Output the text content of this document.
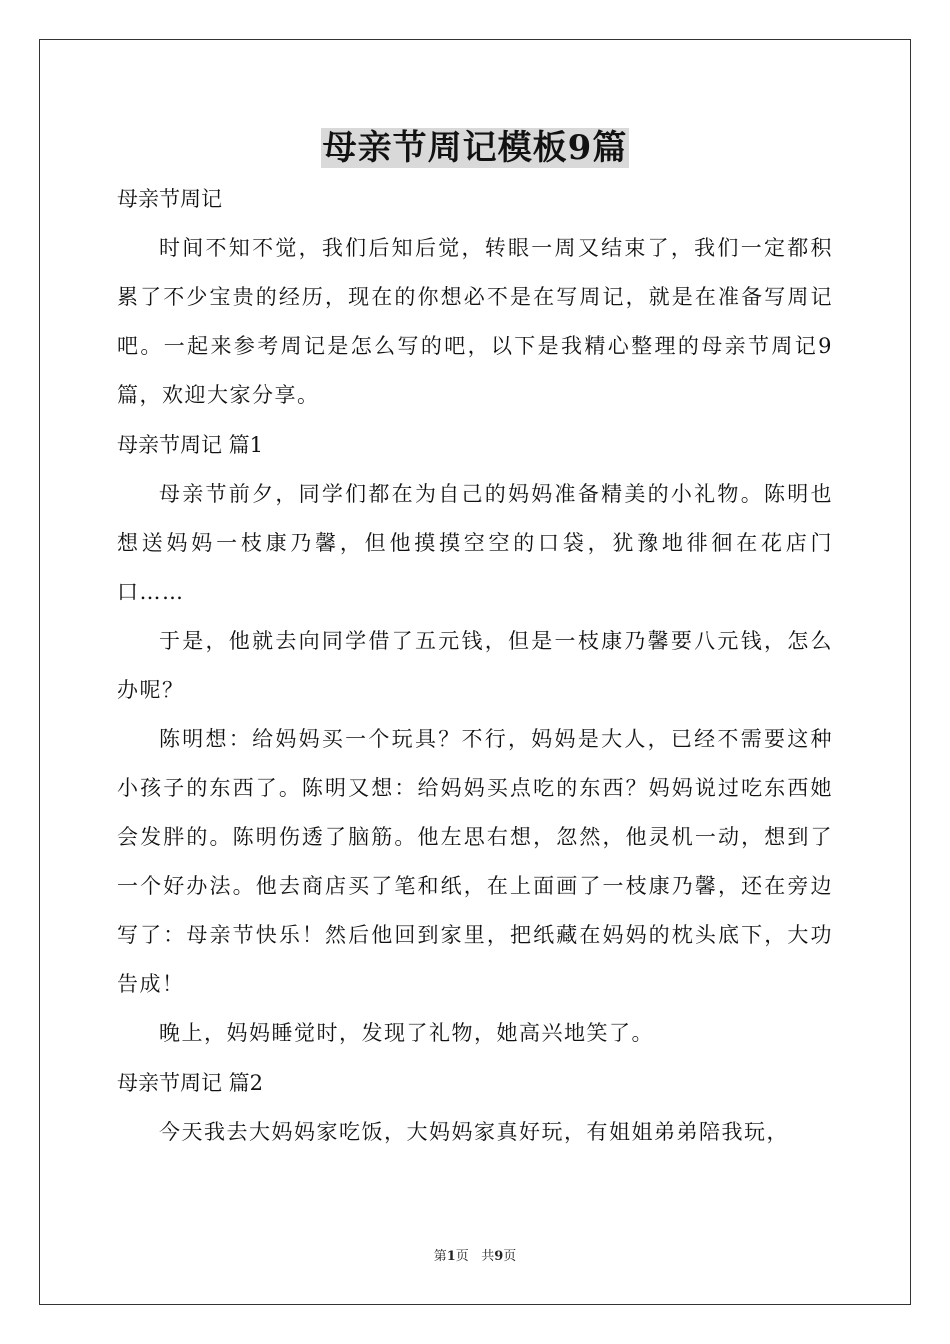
母亲节周记模板9篇

母亲节周记

时间不知不觉，我们后知后觉，转眼一周又结束了，我们一定都积累了不少宝贵的经历，现在的你想必不是在写周记，就是在准备写周记吧。一起来参考周记是怎么写的吧，以下是我精心整理的母亲节周记9篇，欢迎大家分享。

母亲节周记 篇1

母亲节前夕，同学们都在为自己的妈妈准备精美的小礼物。陈明也想送妈妈一枝康乃馨，但他摸摸空空的口袋，犹豫地徘徊在花店门口……

于是，他就去向同学借了五元钱，但是一枝康乃馨要八元钱，怎么办呢？

陈明想：给妈妈买一个玩具？不行，妈妈是大人，已经不需要这种小孩子的东西了。陈明又想：给妈妈买点吃的东西？妈妈说过吃东西她会发胖的。陈明伤透了脑筋。他左思右想，忽然，他灵机一动，想到了一个好办法。他去商店买了笔和纸，在上面画了一枝康乃馨，还在旁边写了：母亲节快乐！然后他回到家里，把纸藏在妈妈的枕头底下，大功告成！

晚上，妈妈睡觉时，发现了礼物，她高兴地笑了。

母亲节周记 篇2

今天我去大妈妈家吃饭，大妈妈家真好玩，有姐姐弟弟陪我玩，

第1页 共9页
